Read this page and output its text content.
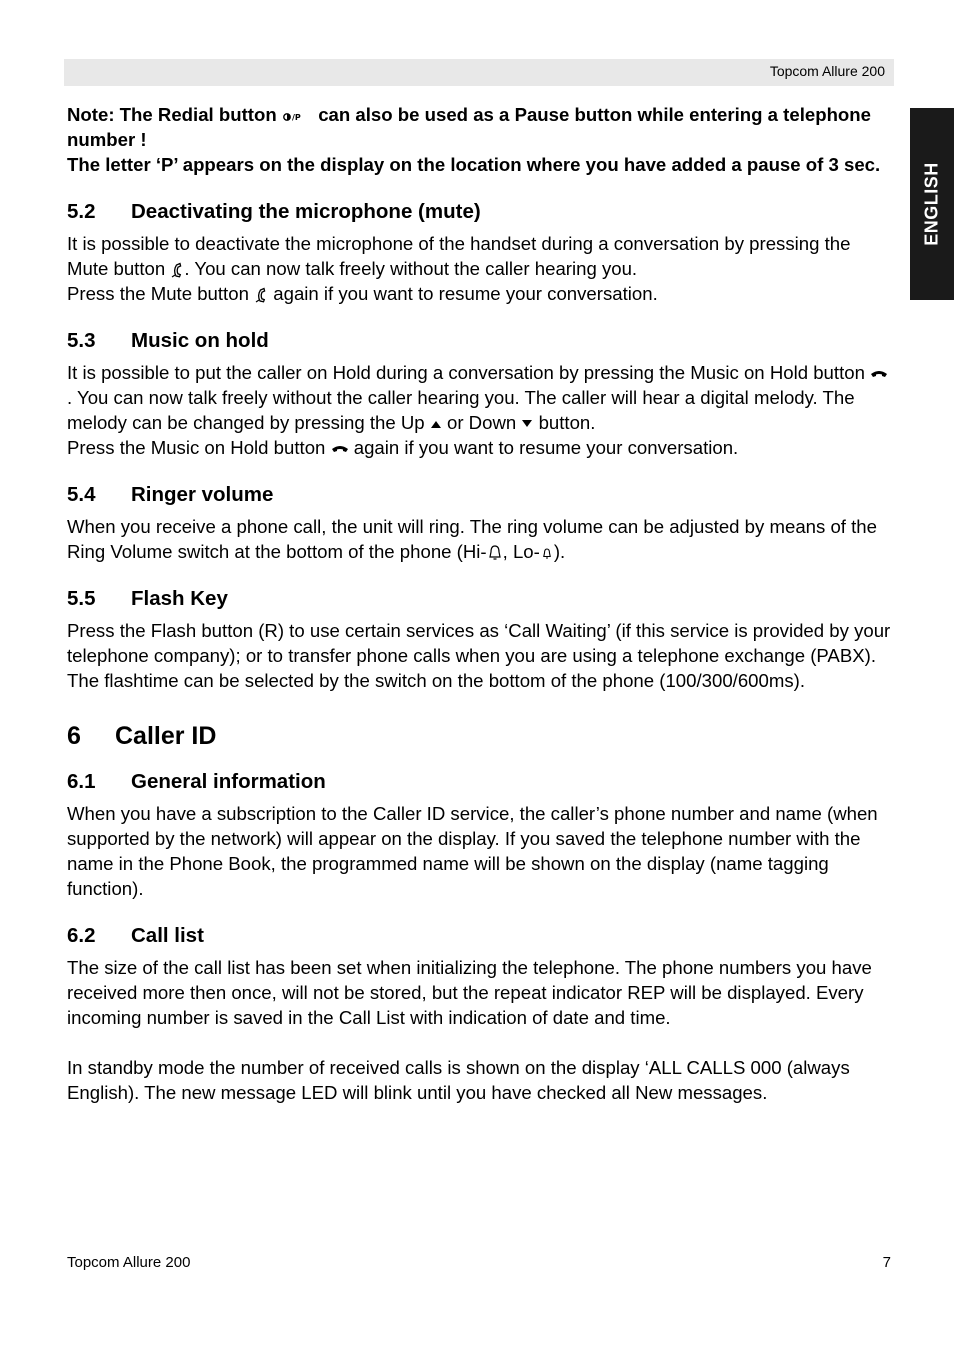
Topcom Allure 200
ENGLISH

Note: The Redial button /P can also be used as a Pause button while entering a telephone number !
The letter ‘P’ appears on the display on the location where you have added a pause of 3 sec.

5.2 Deactivating the microphone (mute)

It is possible to deactivate the microphone of the handset during a conversation by pressing the Mute button . You can now talk freely without the caller hearing you.
Press the Mute button again if you want to resume your conversation.

5.3 Music on hold

It is possible to put the caller on Hold during a conversation by pressing the Music on Hold button . You can now talk freely without the caller hearing you. The caller will hear a digital melody. The melody can be changed by pressing the Up or Down button.
Press the Music on Hold button again if you want to resume your conversation.

5.4 Ringer volume

When you receive a phone call, the unit will ring. The ring volume can be adjusted by means of the Ring Volume switch at the bottom of the phone (Hi- , Lo- ).

5.5 Flash Key

Press the Flash button (R) to use certain services as ‘Call Waiting’ (if this service is provided by your telephone company); or to transfer phone calls when you are using a telephone exchange (PABX).

The flashtime can be selected by the switch on the bottom of the phone (100/300/600ms).

6 Caller ID
6.1 General information

When you have a subscription to the Caller ID service, the caller’s phone number and name (when supported by the network) will appear on the display. If you saved the telephone number with the name in the Phone Book, the programmed name will be shown on the display (name tagging function).

6.2 Call list

The size of the call list has been set when initializing the telephone. The phone numbers you have received more then once, will not be stored, but the repeat indicator REP will be displayed. Every incoming number is saved in the Call List with indication of date and time.

In standby mode the number of received calls is shown on the display ‘ALL CALLS 000 (always English). The new message LED will blink until you have checked all New messages.

Topcom Allure 200	7
